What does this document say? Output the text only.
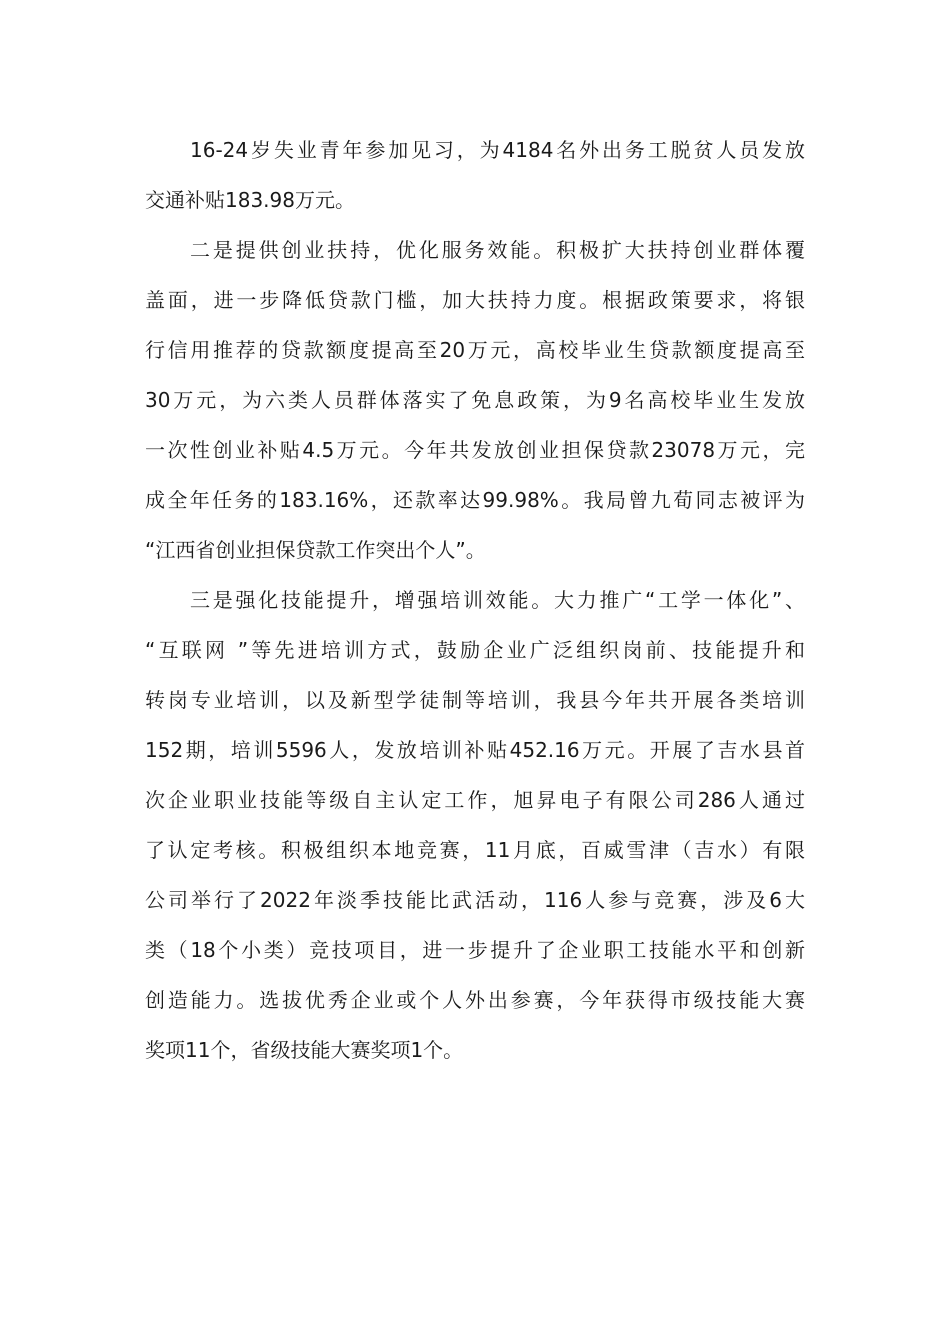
16-24岁失业青年参加见习，为4184名外出务工脱贫人员发放
交通补贴183.98万元。
二是提供创业扶持，优化服务效能。积极扩大扶持创业群体覆
盖面，进一步降低贷款门槛，加大扶持力度。根据政策要求，将银
行信用推荐的贷款额度提高至20万元，高校毕业生贷款额度提高至
30万元，为六类人员群体落实了免息政策，为9名高校毕业生发放
一次性创业补贴4.5万元。今年共发放创业担保贷款23078万元，完
成全年任务的183.16%，还款率达99.98%。我局曾九荀同志被评为
“江西省创业担保贷款工作突出个人”。
三是强化技能提升，增强培训效能。大力推广“工学一体化”、
“互联网 ”等先进培训方式，鼓励企业广泛组织岗前、技能提升和
转岗专业培训，以及新型学徒制等培训，我县今年共开展各类培训
152期，培训5596人，发放培训补贴452.16万元。开展了吉水县首
次企业职业技能等级自主认定工作，旭昇电子有限公司286人通过
了认定考核。积极组织本地竞赛，11月底，百威雪津（吉水）有限
公司举行了2022年淡季技能比武活动，116人参与竞赛，涉及6大
类（18个小类）竞技项目，进一步提升了企业职工技能水平和创新
创造能力。选拔优秀企业或个人外出参赛，今年获得市级技能大赛
奖项11个，省级技能大赛奖项1个。
